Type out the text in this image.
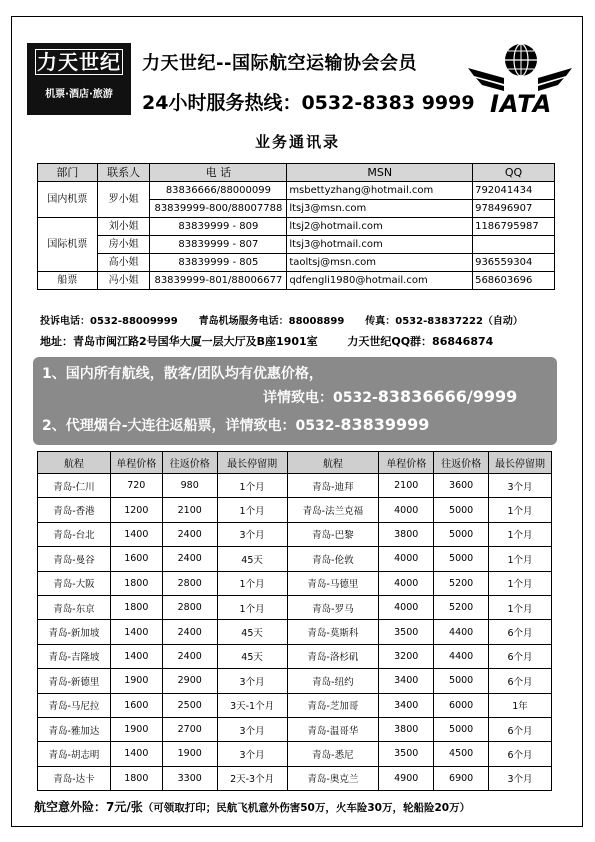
力天世纪
机票·酒店·旅游
力天世纪--国际航空运输协会会员
24小时服务热线：0532-8383 9999 IATA
业务通讯录
部门	联系人	电 话	MSN	QQ
国内机票	罗小姐	83836666/88000099	msbettyzhang@hotmail.com	792041434
		83839999-800/88007788	ltsj3@msn.com	978496907
国际机票	刘小姐	83839999 - 809	ltsj2@hotmail.com	1186795987
	房小姐	83839999 - 807	ltsj3@hotmail.com	
	高小姐	83839999 - 805	taoltsj@msn.com	936559304
船票	冯小姐	83839999-801/88006677	qdfengli1980@hotmail.com	568603696
投诉电话：0532-88009999 青岛机场服务电话：88008899 传真：0532-83837222（自动）
地址：青岛市闽江路2号国华大厦一层大厅及B座1901室	力天世纪QQ群：86846874
1、国内所有航线，散客/团队均有优惠价格，
详情致电：0532-83836666/9999
2、代理烟台-大连往返船票，详情致电：0532-83839999
航程	单程价格	往返价格	最长停留期	航程	单程价格	往返价格	最长停留期
青岛-仁川	720	980	1个月	青岛-迪拜	2100	3600	3个月
青岛-香港	1200	2100	1个月	青岛-法兰克福	4000	5000	1个月
青岛-台北	1400	2400	3个月	青岛-巴黎	3800	5000	1个月
青岛-曼谷	1600	2400	45天	青岛-伦敦	4000	5000	1个月
青岛-大阪	1800	2800	1个月	青岛-马德里	4000	5200	1个月
青岛-东京	1800	2800	1个月	青岛-罗马	4000	5200	1个月
青岛-新加坡	1400	2400	45天	青岛-莫斯科	3500	4400	6个月
青岛-吉隆坡	1400	2400	45天	青岛-洛杉矶	3200	4400	6个月
青岛-新德里	1900	2900	3个月	青岛-纽约	3400	5000	6个月
青岛-马尼拉	1600	2500	3天-1个月	青岛-芝加哥	3400	6000	1年
青岛-雅加达	1900	2700	3个月	青岛-温哥华	3800	5000	6个月
青岛-胡志明	1400	1900	3个月	青岛-悉尼	3500	4500	6个月
青岛-达卡	1800	3300	2天-3个月	青岛-奥克兰	4900	6900	3个月
航空意外险：7元/张（可领取打印；民航飞机意外伤害50万，火车险30万，轮船险20万）
